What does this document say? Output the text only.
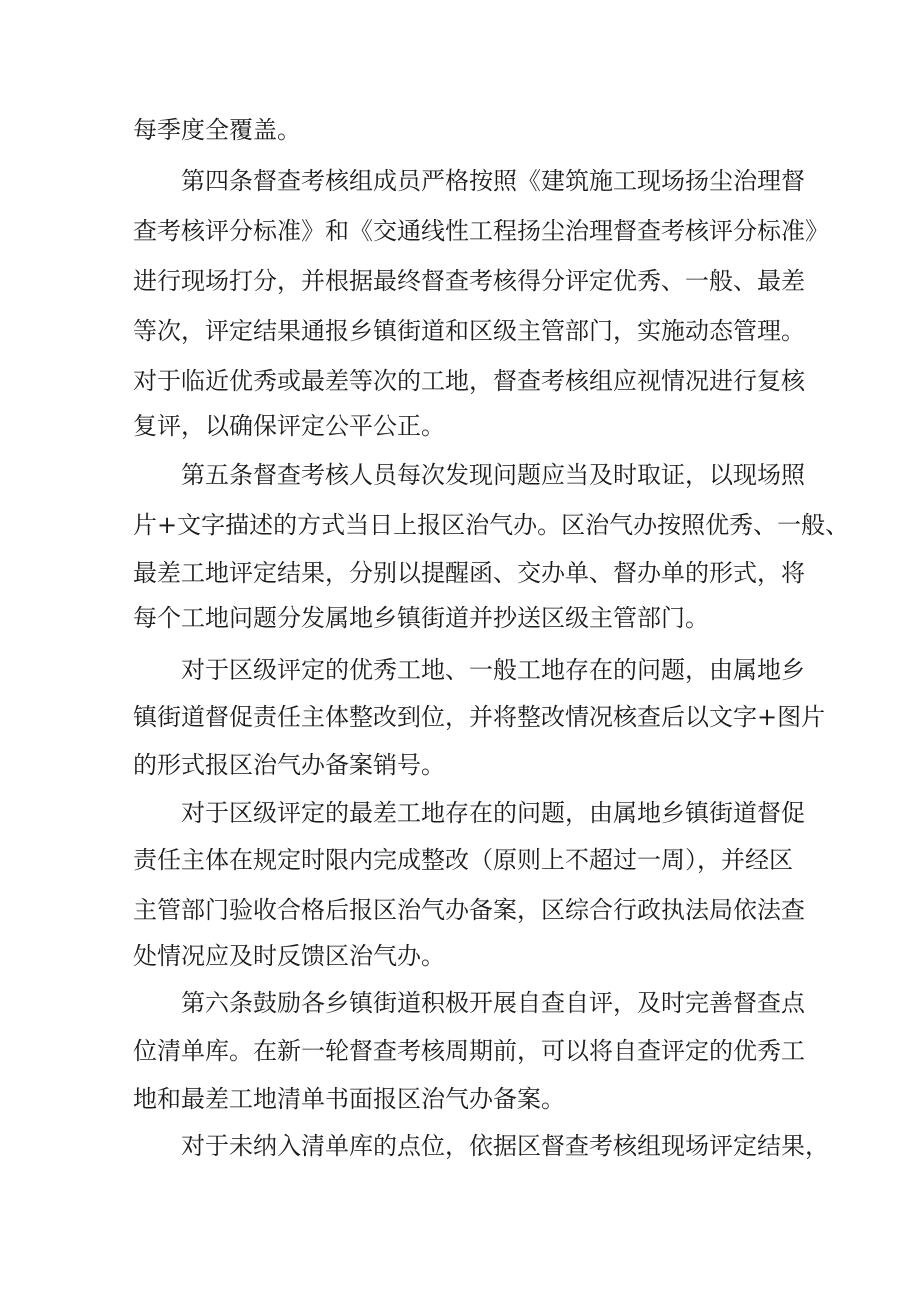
每季度全覆盖。
第四条督查考核组成员严格按照《建筑施工现场扬尘治理督
查考核评分标准》和《交通线性工程扬尘治理督查考核评分标准》
进行现场打分，并根据最终督查考核得分评定优秀、一般、最差
等次，评定结果通报乡镇街道和区级主管部门，实施动态管理。
对于临近优秀或最差等次的工地，督查考核组应视情况进行复核
复评，以确保评定公平公正。
第五条督查考核人员每次发现问题应当及时取证，以现场照
片+文字描述的方式当日上报区治气办。区治气办按照优秀、一般、
最差工地评定结果，分别以提醒函、交办单、督办单的形式，将
每个工地问题分发属地乡镇街道并抄送区级主管部门。
对于区级评定的优秀工地、一般工地存在的问题，由属地乡
镇街道督促责任主体整改到位，并将整改情况核查后以文字+图片
的形式报区治气办备案销号。
对于区级评定的最差工地存在的问题，由属地乡镇街道督促
责任主体在规定时限内完成整改（原则上不超过一周），并经区
主管部门验收合格后报区治气办备案，区综合行政执法局依法查
处情况应及时反馈区治气办。
第六条鼓励各乡镇街道积极开展自查自评，及时完善督查点
位清单库。在新一轮督查考核周期前，可以将自查评定的优秀工
地和最差工地清单书面报区治气办备案。
对于未纳入清单库的点位，依据区督查考核组现场评定结果，
